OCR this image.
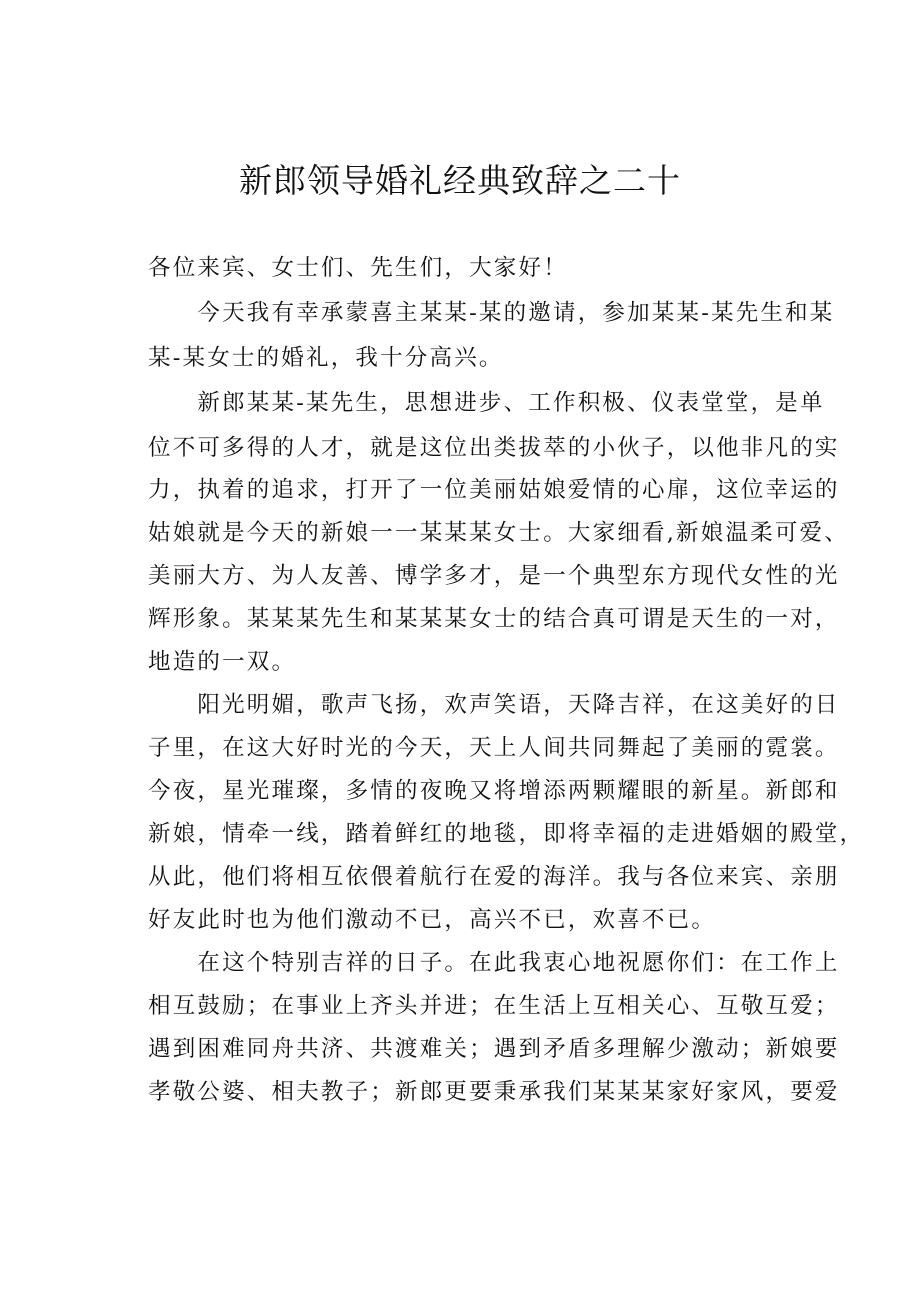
新郎领导婚礼经典致辞之二十

各位来宾、女士们、先生们，大家好！

　　今天我有幸承蒙喜主某某-某的邀请，参加某某-某先生和某

某-某女士的婚礼，我十分高兴。

　　新郎某某-某先生，思想进步、工作积极、仪表堂堂，是单

位不可多得的人才，就是这位出类拔萃的小伙子，以他非凡的实

力，执着的追求，打开了一位美丽姑娘爱情的心扉，这位幸运的

姑娘就是今天的新娘一一某某某女士。大家细看,新娘温柔可爱、

美丽大方、为人友善、博学多才，是一个典型东方现代女性的光

辉形象。某某某先生和某某某女士的结合真可谓是天生的一对，

地造的一双。

　　阳光明媚，歌声飞扬，欢声笑语，天降吉祥，在这美好的日

子里，在这大好时光的今天，天上人间共同舞起了美丽的霓裳。

今夜，星光璀璨，多情的夜晚又将增添两颗耀眼的新星。新郎和

新娘，情牵一线，踏着鲜红的地毯，即将幸福的走进婚姻的殿堂，

从此，他们将相互依偎着航行在爱的海洋。我与各位来宾、亲朋

好友此时也为他们激动不已，高兴不已，欢喜不已。

　　在这个特别吉祥的日子。在此我衷心地祝愿你们：在工作上

相互鼓励；在事业上齐头并进；在生活上互相关心、互敬互爱；

遇到困难同舟共济、共渡难关；遇到矛盾多理解少激动；新娘要

孝敬公婆、相夫教子；新郎更要秉承我们某某某家好家风，要爱
